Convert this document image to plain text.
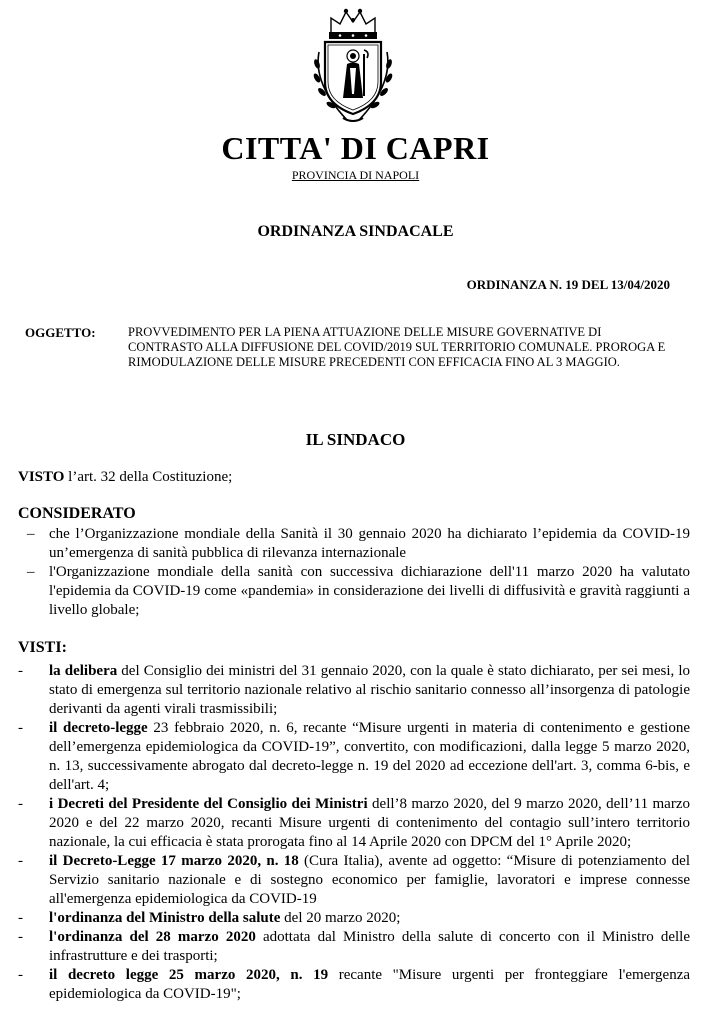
CITTA' DI CAPRI
PROVINCIA DI NAPOLI
ORDINANZA SINDACALE
ORDINANZA N. 19 DEL 13/04/2020
OGGETTO:	PROVVEDIMENTO PER LA PIENA ATTUAZIONE DELLE MISURE GOVERNATIVE DI CONTRASTO ALLA DIFFUSIONE DEL COVID/2019 SUL TERRITORIO COMUNALE. PROROGA E RIMODULAZIONE DELLE MISURE PRECEDENTI CON EFFICACIA FINO AL 3 MAGGIO.
IL SINDACO
VISTO l’art. 32 della Costituzione;
CONSIDERATO
– che l’Organizzazione mondiale della Sanità il 30 gennaio 2020 ha dichiarato l’epidemia da COVID-19 un’emergenza di sanità pubblica di rilevanza internazionale
– l'Organizzazione mondiale della sanità con successiva dichiarazione dell'11 marzo 2020 ha valutato l'epidemia da COVID-19 come «pandemia» in considerazione dei livelli di diffusività e gravità raggiunti a livello globale;
VISTI:
- la delibera del Consiglio dei ministri del 31 gennaio 2020, con la quale è stato dichiarato, per sei mesi, lo stato di emergenza sul territorio nazionale relativo al rischio sanitario connesso all’insorgenza di patologie derivanti da agenti virali trasmissibili;
- il decreto-legge 23 febbraio 2020, n. 6, recante “Misure urgenti in materia di contenimento e gestione dell’emergenza epidemiologica da COVID-19”, convertito, con modificazioni, dalla legge 5 marzo 2020, n. 13, successivamente abrogato dal decreto-legge n. 19 del 2020 ad eccezione dell'art. 3, comma 6-bis, e dell'art. 4;
- i Decreti del Presidente del Consiglio dei Ministri dell’8 marzo 2020, del 9 marzo 2020, dell’11 marzo 2020 e del 22 marzo 2020, recanti Misure urgenti di contenimento del contagio sull’intero territorio nazionale, la cui efficacia è stata prorogata fino al 14 Aprile 2020 con DPCM del 1° Aprile 2020;
- il Decreto-Legge 17 marzo 2020, n. 18 (Cura Italia), avente ad oggetto: “Misure di potenziamento del Servizio sanitario nazionale e di sostegno economico per famiglie, lavoratori e imprese connesse all'emergenza epidemiologica da COVID-19
- l'ordinanza del Ministro della salute del 20 marzo 2020;
- l'ordinanza del 28 marzo 2020 adottata dal Ministro della salute di concerto con il Ministro delle infrastrutture e dei trasporti;
- il decreto legge 25 marzo 2020, n. 19 recante "Misure urgenti per fronteggiare l'emergenza epidemiologica da COVID-19";
